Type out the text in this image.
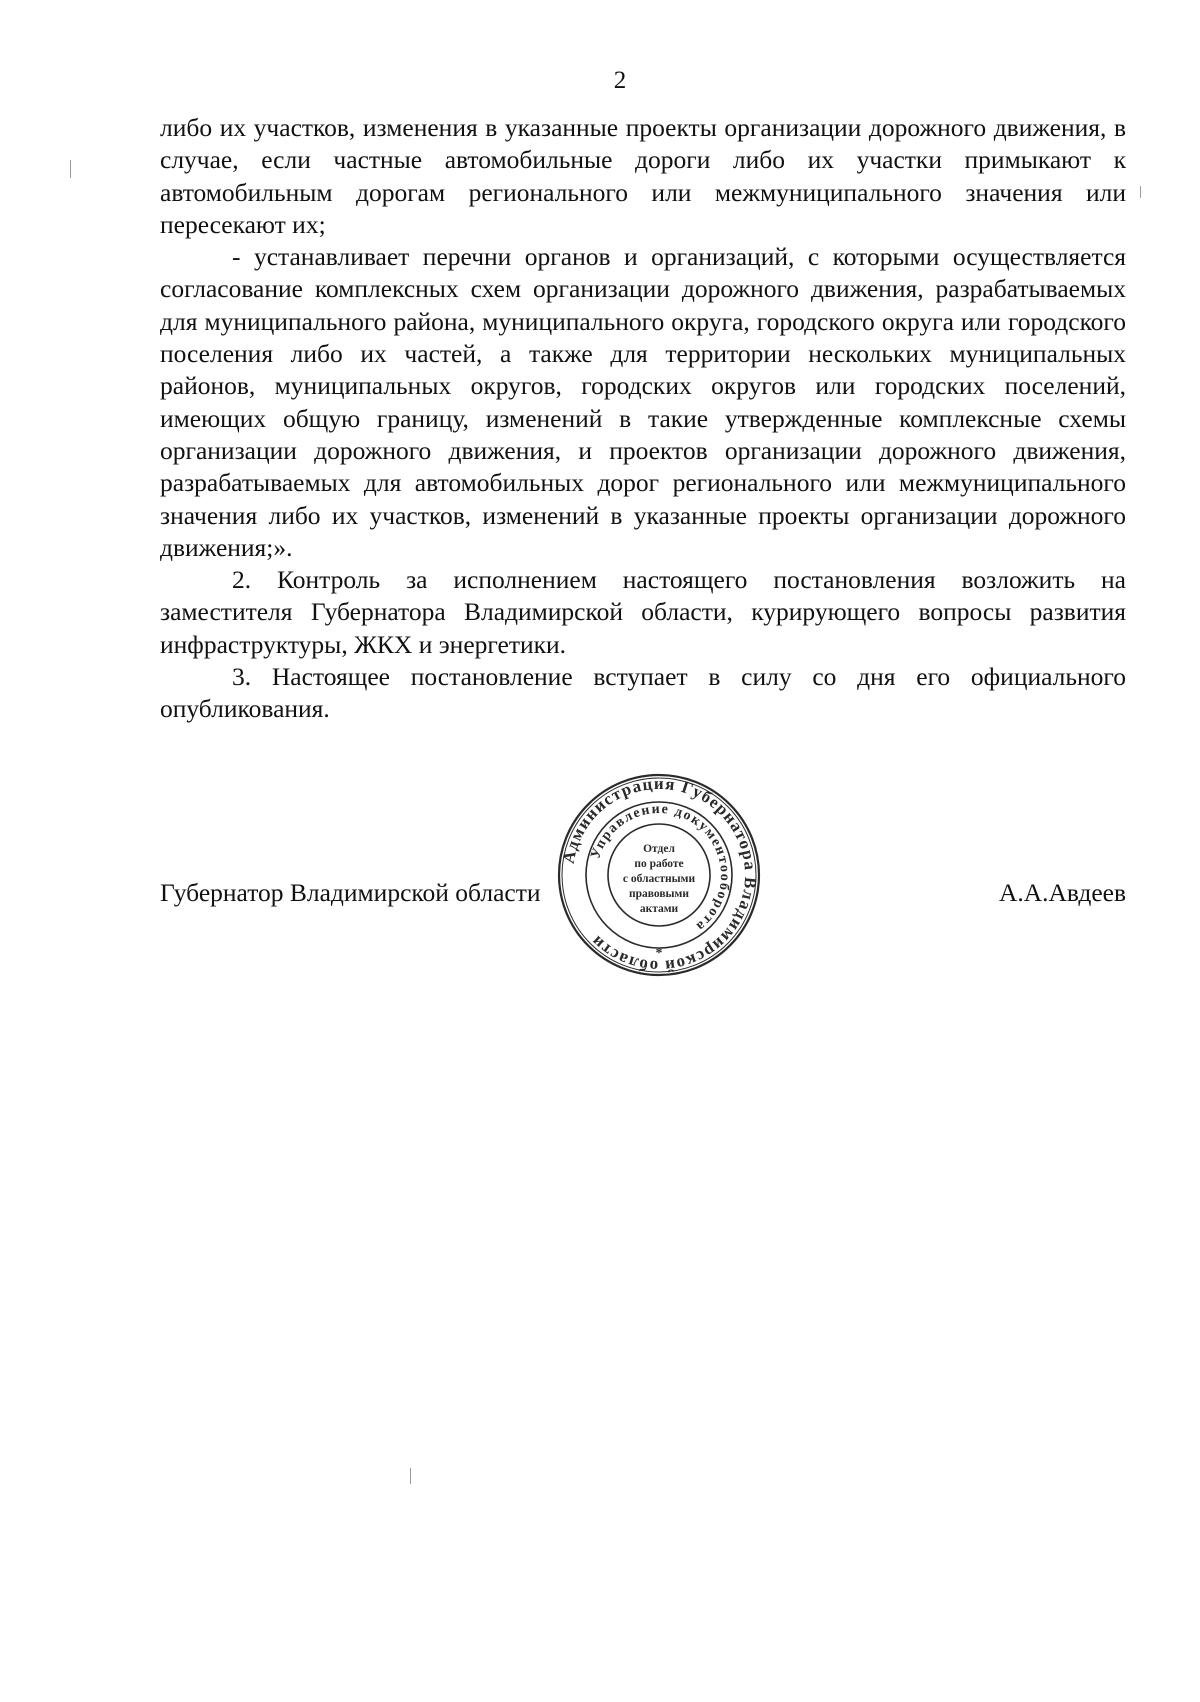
2

либо их участков, изменения в указанные проекты организации дорожного движения, в случае, если частные автомобильные дороги либо их участки примыкают к автомобильным дорогам регионального или межмуниципального значения или пересекают их;

- устанавливает перечни органов и организаций, с которыми осуществляется согласование комплексных схем организации дорожного движения, разрабатываемых для муниципального района, муниципального округа, городского округа или городского поселения либо их частей, а также для территории нескольких муниципальных районов, муниципальных округов, городских округов или городских поселений, имеющих общую границу, изменений в такие утвержденные комплексные схемы организации дорожного движения, и проектов организации дорожного движения, разрабатываемых для автомобильных дорог регионального или межмуниципального значения либо их участков, изменений в указанные проекты организации дорожного движения;».

2. Контроль за исполнением настоящего постановления возложить на заместителя Губернатора Владимирской области, курирующего вопросы развития инфраструктуры, ЖКХ и энергетики.

3. Настоящее постановление вступает в силу со дня его официального опубликования.

Губернатор Владимирской области	А.А.Авдеев
Администрация Губернатора Владимирской области
Управление документооборота
Отдел
по работе
с областными
правовыми
актами
*
